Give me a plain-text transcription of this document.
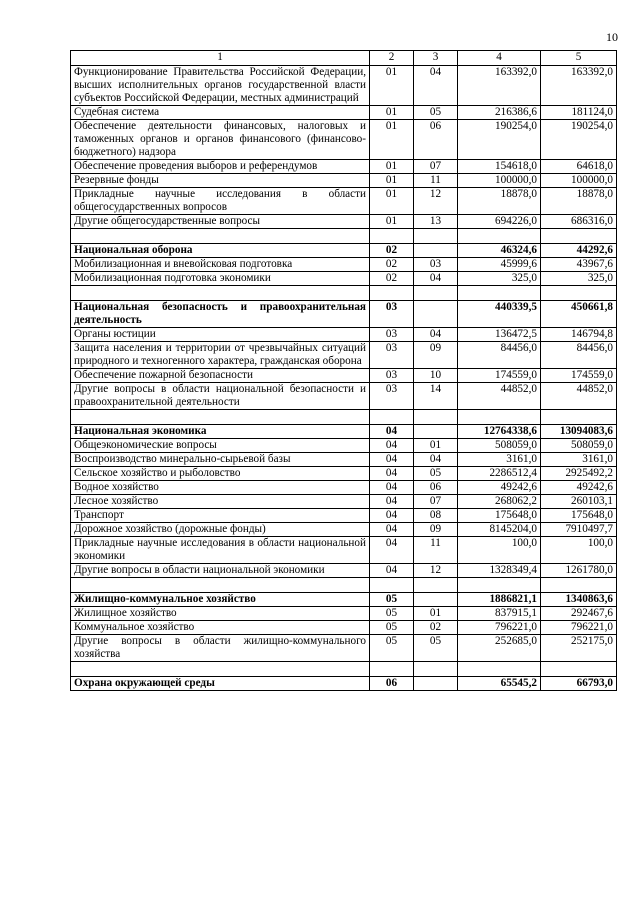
10
1	2	3	4	5
Функционирование Правительства Российской Федерации, высших исполнительных органов государственной власти субъектов Российской Федерации, местных администраций	01	04	163392,0	163392,0
Судебная система	01	05	216386,6	181124,0
Обеспечение деятельности финансовых, налоговых и таможенных органов и органов финансового (финансово-бюджетного) надзора	01	06	190254,0	190254,0
Обеспечение проведения выборов и референдумов	01	07	154618,0	64618,0
Резервные фонды	01	11	100000,0	100000,0
Прикладные научные исследования в области общегосударственных вопросов	01	12	18878,0	18878,0
Другие общегосударственные вопросы	01	13	694226,0	686316,0

Национальная оборона	02		46324,6	44292,6
Мобилизационная и вневойсковая подготовка	02	03	45999,6	43967,6
Мобилизационная подготовка экономики	02	04	325,0	325,0

Национальная безопасность и правоохранительная деятельность	03		440339,5	450661,8
Органы юстиции	03	04	136472,5	146794,8
Защита населения и территории от чрезвычайных ситуаций природного и техногенного характера, гражданская оборона	03	09	84456,0	84456,0
Обеспечение пожарной безопасности	03	10	174559,0	174559,0
Другие вопросы в области национальной безопасности и правоохранительной деятельности	03	14	44852,0	44852,0

Национальная экономика	04		12764338,6	13094083,6
Общеэкономические вопросы	04	01	508059,0	508059,0
Воспроизводство минерально-сырьевой базы	04	04	3161,0	3161,0
Сельское хозяйство и рыболовство	04	05	2286512,4	2925492,2
Водное хозяйство	04	06	49242,6	49242,6
Лесное хозяйство	04	07	268062,2	260103,1
Транспорт	04	08	175648,0	175648,0
Дорожное хозяйство (дорожные фонды)	04	09	8145204,0	7910497,7
Прикладные научные исследования в области национальной экономики	04	11	100,0	100,0
Другие вопросы в области национальной экономики	04	12	1328349,4	1261780,0

Жилищно-коммунальное хозяйство	05		1886821,1	1340863,6
Жилищное хозяйство	05	01	837915,1	292467,6
Коммунальное хозяйство	05	02	796221,0	796221,0
Другие вопросы в области жилищно-коммунального хозяйства	05	05	252685,0	252175,0

Охрана окружающей среды	06		65545,2	66793,0
